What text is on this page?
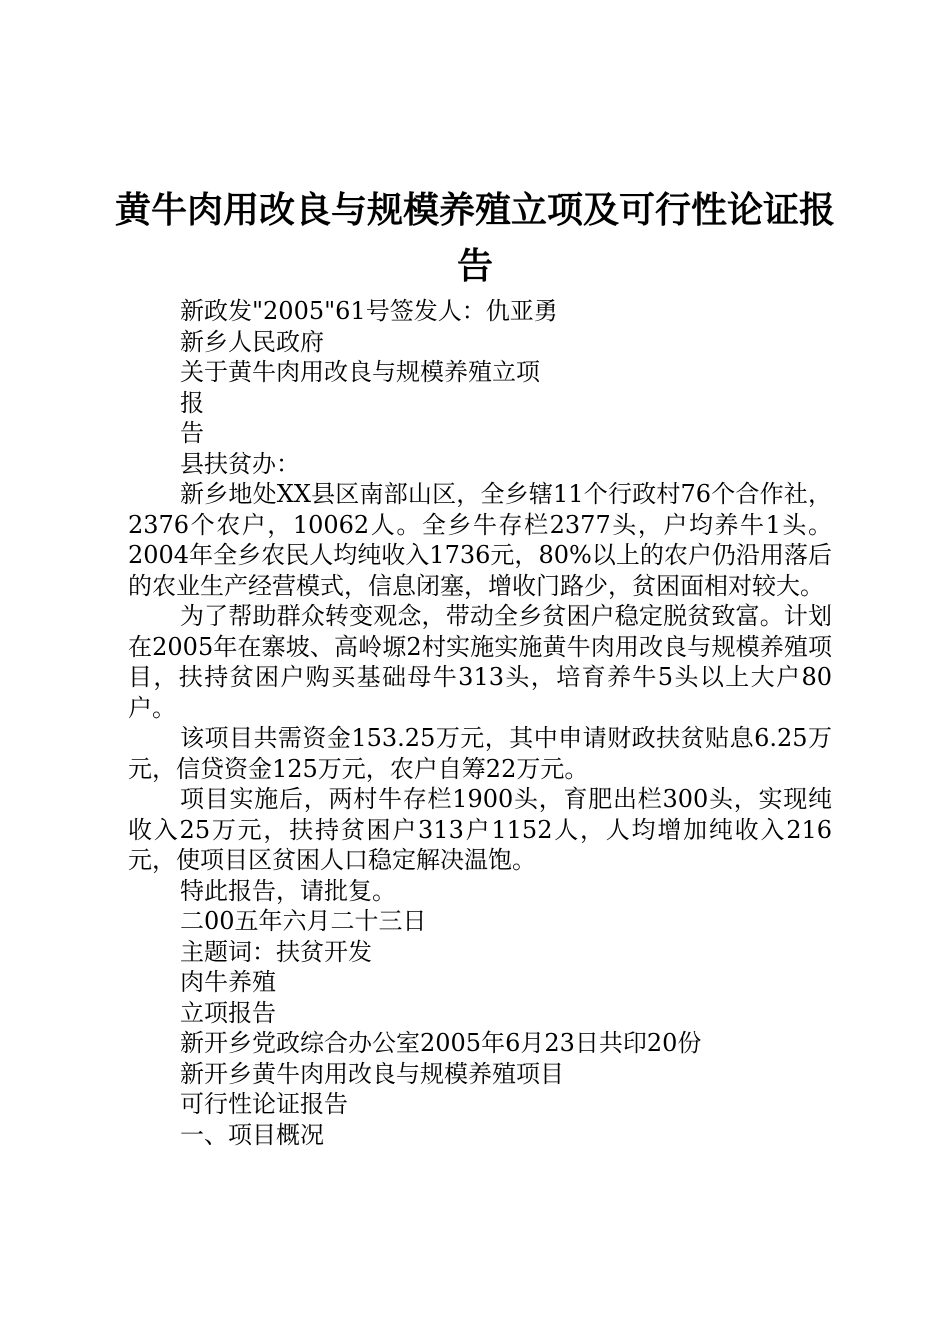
黄牛肉用改良与规模养殖立项及可行性论证报
告
新政发"2005"61号签发人：仇亚勇
新乡人民政府
关于黄牛肉用改良与规模养殖立项
报
告
县扶贫办：

新乡地处XX县区南部山区，全乡辖11个行政村76个合作社，2376个农户，10062人。全乡牛存栏2377头，户均养牛1头。2004年全乡农民人均纯收入1736元，80%以上的农户仍沿用落后的农业生产经营模式，信息闭塞，增收门路少，贫困面相对较大。

为了帮助群众转变观念，带动全乡贫困户稳定脱贫致富。计划在2005年在寨坡、高岭塬2村实施实施黄牛肉用改良与规模养殖项目，扶持贫困户购买基础母牛313头，培育养牛5头以上大户80户。

该项目共需资金153.25万元，其中申请财政扶贫贴息6.25万元，信贷资金125万元，农户自筹22万元。

项目实施后，两村牛存栏1900头，育肥出栏300头，实现纯收入25万元，扶持贫困户313户1152人，人均增加纯收入216元，使项目区贫困人口稳定解决温饱。

特此报告，请批复。
二00五年六月二十三日
主题词：扶贫开发
肉牛养殖
立项报告
新开乡党政综合办公室2005年6月23日共印20份
新开乡黄牛肉用改良与规模养殖项目
可行性论证报告
一、项目概况
